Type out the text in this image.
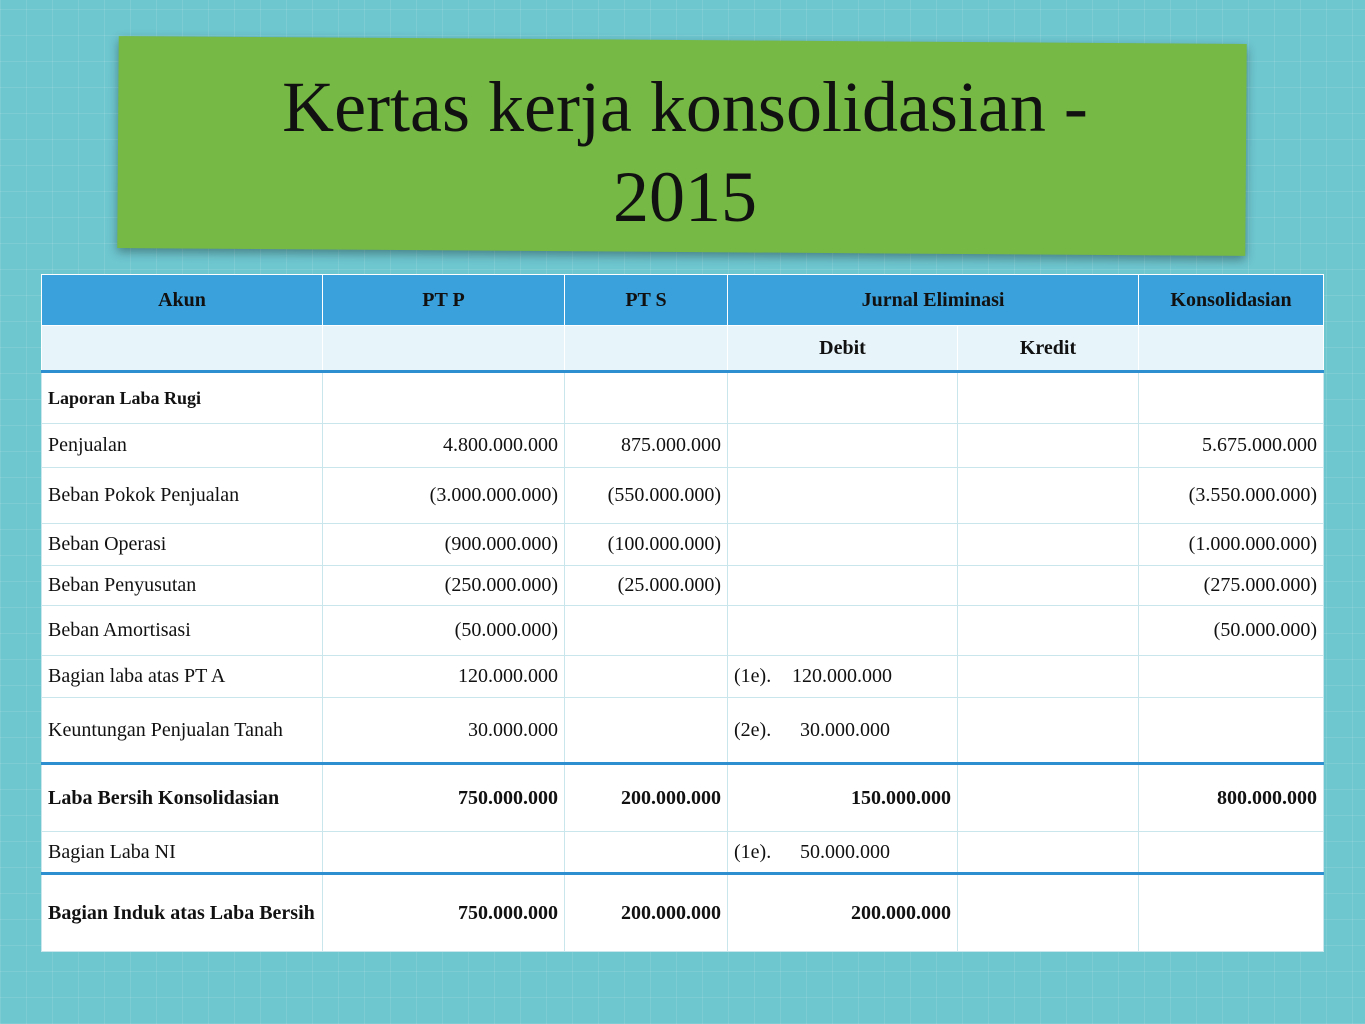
Kertas kerja konsolidasian -
2015
Akun	PT P	PT S	Jurnal Eliminasi		Konsolidasian
			Debit	Kredit	
Laporan Laba Rugi					
Penjualan	4.800.000.000	875.000.000			5.675.000.000
Beban Pokok Penjualan	(3.000.000.000)	(550.000.000)			(3.550.000.000)
Beban Operasi	(900.000.000)	(100.000.000)			(1.000.000.000)
Beban Penyusutan	(250.000.000)	(25.000.000)			(275.000.000)
Beban Amortisasi	(50.000.000)				(50.000.000)
Bagian laba atas PT A	120.000.000		(1e). 120.000.000		
Keuntungan Penjualan Tanah	30.000.000		(2e). 30.000.000		
Laba Bersih Konsolidasian	750.000.000	200.000.000	150.000.000		800.000.000
Bagian Laba NI			(1e). 50.000.000		
Bagian Induk atas Laba Bersih	750.000.000	200.000.000	200.000.000		
